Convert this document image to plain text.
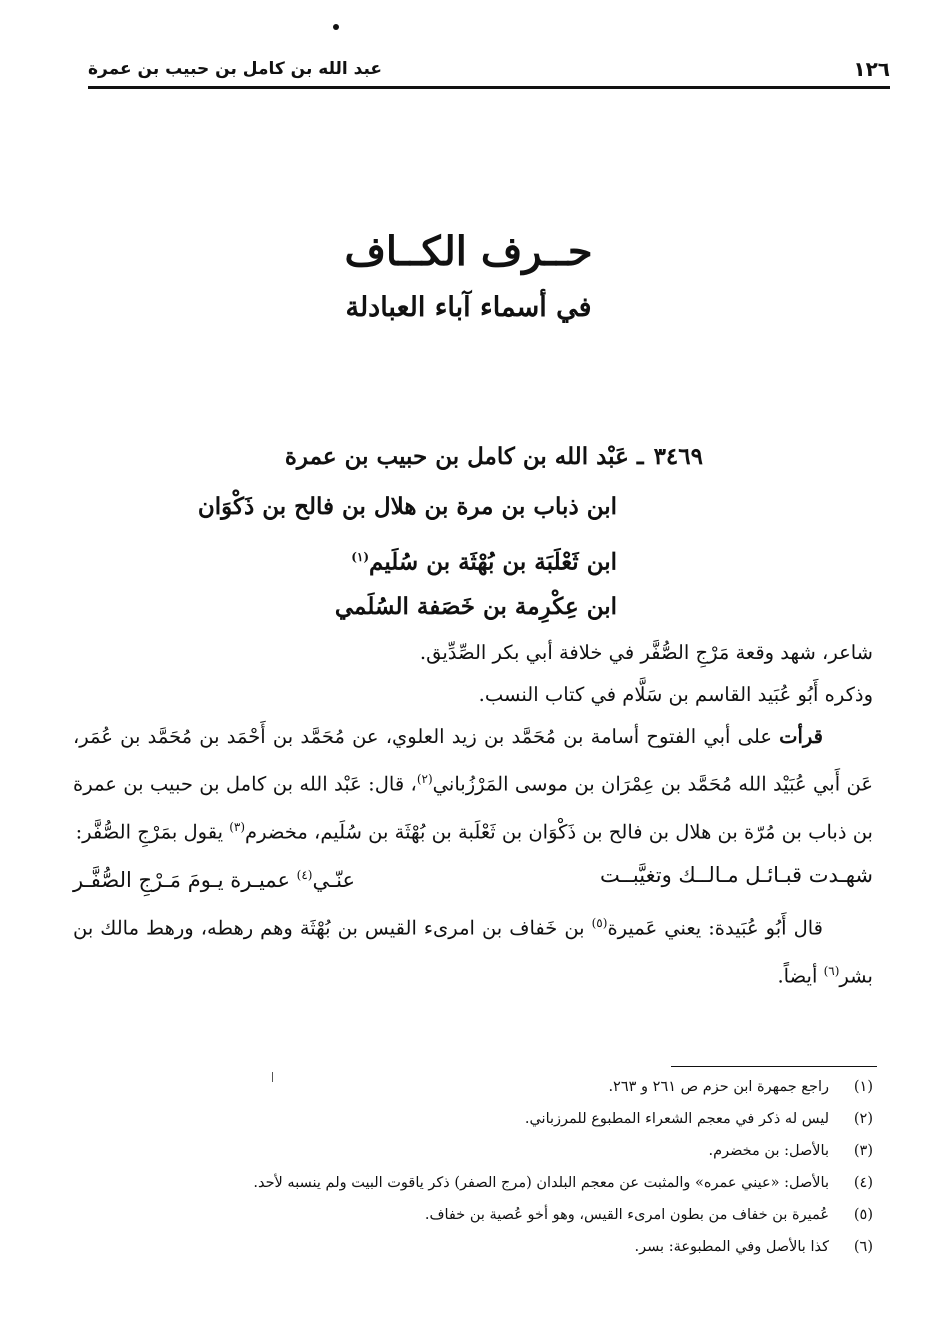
عبد الله بن كامل بن حبيب بن عمرة	١٢٦
حــرف الكــاف
في أسماء آباء العبادلة
٣٤٦٩ـ عَبْد الله بن كامل بن حبيب بن عمرة
ابن ذباب بن مرة بن هلال بن فالح بن ذَكْوَان
ابن ثَعْلَبَة بن بُهْثَة بن سُلَيم$^{(١)}$
ابن عِكْرِمة بن خَصَفة السُلَمي
شاعر، شهد وقعة مَرْجِ الصُّفَّر في خلافة أبي بكر الصِّدِّيق.
وذكره أَبُو عُبَيد القاسم بن سَلَّام في كتاب النسب.
قرأت على أبي الفتوح أسامة بن مُحَمَّد بن زيد العلوي، عن مُحَمَّد بن أَحْمَد بن مُحَمَّد بن عُمَر، عَن أَبي عُبَيْد الله مُحَمَّد بن عِمْرَان بن موسى المَرْزُباني$^{(٢)}$، قال: عَبْد الله بن كامل بن حبيب بن عمرة بن ذباب بن مُرّة بن هلال بن فالح بن ذَكْوَان بن ثَعْلَبة بن بُهْثَة بن سُلَيم، مخضرم$^{(٣)}$ يقول بمَرْجِ الصُّفَّر:
شهـدت قبـائـل مـالــك وتغيَّبــت
عنّـي$^{(٤)}$ عميـرة يـومَ مَـرْجِ الصُّفَّـر
قال أَبُو عُبَيدة: يعني عَميرة$^{(٥)}$ بن خَفاف بن امرىء القيس بن بُهْثَة وهم رهطه، ورهط مالك بن بشر$^{(٦)}$ أيضاً.
(١)
راجع جمهرة ابن حزم ص ٢٦١ و ٢٦٣.
(٢)
ليس له ذكر في معجم الشعراء المطبوع للمرزباني.
(٣)
بالأصل: بن مخضرم.
(٤)
بالأصل: «عيني عمره» والمثبت عن معجم البلدان (مرج الصفر) ذكر ياقوت البيت ولم ينسبه لأحد.
(٥)
عُميرة بن خفاف من بطون امرىء القيس، وهو أخو عُصية بن خفاف.
(٦)
كذا بالأصل وفي المطبوعة: بسر.
